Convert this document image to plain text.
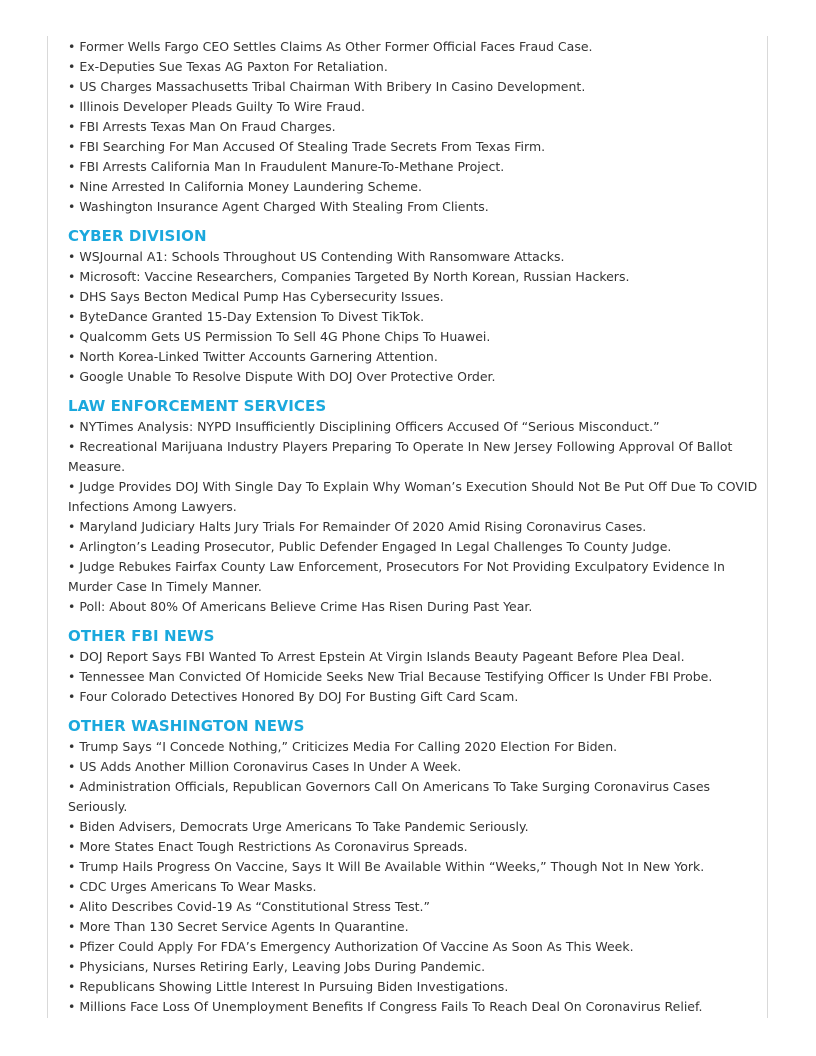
• Former Wells Fargo CEO Settles Claims As Other Former Official Faces Fraud Case.
• Ex-Deputies Sue Texas AG Paxton For Retaliation.
• US Charges Massachusetts Tribal Chairman With Bribery In Casino Development.
• Illinois Developer Pleads Guilty To Wire Fraud.
• FBI Arrests Texas Man On Fraud Charges.
• FBI Searching For Man Accused Of Stealing Trade Secrets From Texas Firm.
• FBI Arrests California Man In Fraudulent Manure-To-Methane Project.
• Nine Arrested In California Money Laundering Scheme.
• Washington Insurance Agent Charged With Stealing From Clients.
CYBER DIVISION
• WSJournal A1: Schools Throughout US Contending With Ransomware Attacks.
• Microsoft: Vaccine Researchers, Companies Targeted By North Korean, Russian Hackers.
• DHS Says Becton Medical Pump Has Cybersecurity Issues.
• ByteDance Granted 15-Day Extension To Divest TikTok.
• Qualcomm Gets US Permission To Sell 4G Phone Chips To Huawei.
• North Korea-Linked Twitter Accounts Garnering Attention.
• Google Unable To Resolve Dispute With DOJ Over Protective Order.
LAW ENFORCEMENT SERVICES
• NYTimes Analysis: NYPD Insufficiently Disciplining Officers Accused Of “Serious Misconduct.”
• Recreational Marijuana Industry Players Preparing To Operate In New Jersey Following Approval Of Ballot Measure.
• Judge Provides DOJ With Single Day To Explain Why Woman’s Execution Should Not Be Put Off Due To COVID Infections Among Lawyers.
• Maryland Judiciary Halts Jury Trials For Remainder Of 2020 Amid Rising Coronavirus Cases.
• Arlington’s Leading Prosecutor, Public Defender Engaged In Legal Challenges To County Judge.
• Judge Rebukes Fairfax County Law Enforcement, Prosecutors For Not Providing Exculpatory Evidence In Murder Case In Timely Manner.
• Poll: About 80% Of Americans Believe Crime Has Risen During Past Year.
OTHER FBI NEWS
• DOJ Report Says FBI Wanted To Arrest Epstein At Virgin Islands Beauty Pageant Before Plea Deal.
• Tennessee Man Convicted Of Homicide Seeks New Trial Because Testifying Officer Is Under FBI Probe.
• Four Colorado Detectives Honored By DOJ For Busting Gift Card Scam.
OTHER WASHINGTON NEWS
• Trump Says “I Concede Nothing,” Criticizes Media For Calling 2020 Election For Biden.
• US Adds Another Million Coronavirus Cases In Under A Week.
• Administration Officials, Republican Governors Call On Americans To Take Surging Coronavirus Cases Seriously.
• Biden Advisers, Democrats Urge Americans To Take Pandemic Seriously.
• More States Enact Tough Restrictions As Coronavirus Spreads.
• Trump Hails Progress On Vaccine, Says It Will Be Available Within “Weeks,” Though Not In New York.
• CDC Urges Americans To Wear Masks.
• Alito Describes Covid-19 As “Constitutional Stress Test.”
• More Than 130 Secret Service Agents In Quarantine.
• Pfizer Could Apply For FDA’s Emergency Authorization Of Vaccine As Soon As This Week.
• Physicians, Nurses Retiring Early, Leaving Jobs During Pandemic.
• Republicans Showing Little Interest In Pursuing Biden Investigations.
• Millions Face Loss Of Unemployment Benefits If Congress Fails To Reach Deal On Coronavirus Relief.
